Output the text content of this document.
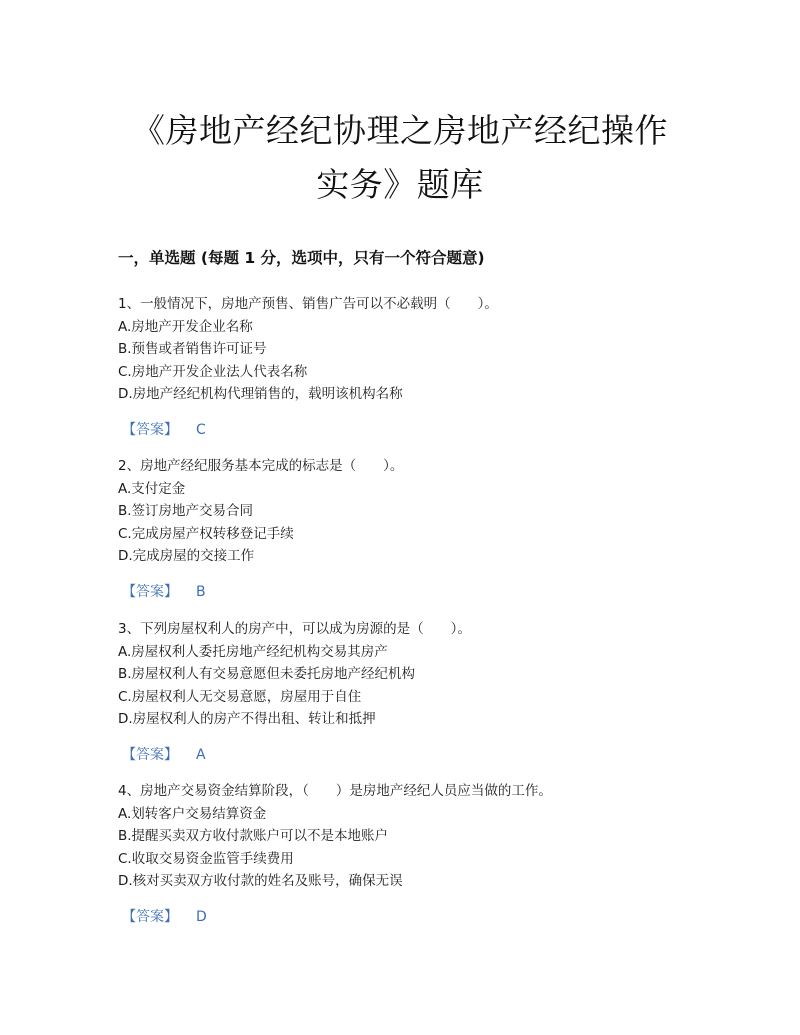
《房地产经纪协理之房地产经纪操作
实务》题库
一，单选题 (每题 1 分，选项中，只有一个符合题意)
1、一般情况下，房地产预售、销售广告可以不必载明（　　）。
A.房地产开发企业名称
B.预售或者销售许可证号
C.房地产开发企业法人代表名称
D.房地产经纪机构代理销售的，载明该机构名称
【答案】 C
2、房地产经纪服务基本完成的标志是（　　）。
A.支付定金
B.签订房地产交易合同
C.完成房屋产权转移登记手续
D.完成房屋的交接工作
【答案】 B
3、下列房屋权利人的房产中，可以成为房源的是（　　）。
A.房屋权利人委托房地产经纪机构交易其房产
B.房屋权利人有交易意愿但未委托房地产经纪机构
C.房屋权利人无交易意愿，房屋用于自住
D.房屋权利人的房产不得出租、转让和抵押
【答案】 A
4、房地产交易资金结算阶段，（　　）是房地产经纪人员应当做的工作。
A.划转客户交易结算资金
B.提醒买卖双方收付款账户可以不是本地账户
C.收取交易资金监管手续费用
D.核对买卖双方收付款的姓名及账号，确保无误
【答案】 D
